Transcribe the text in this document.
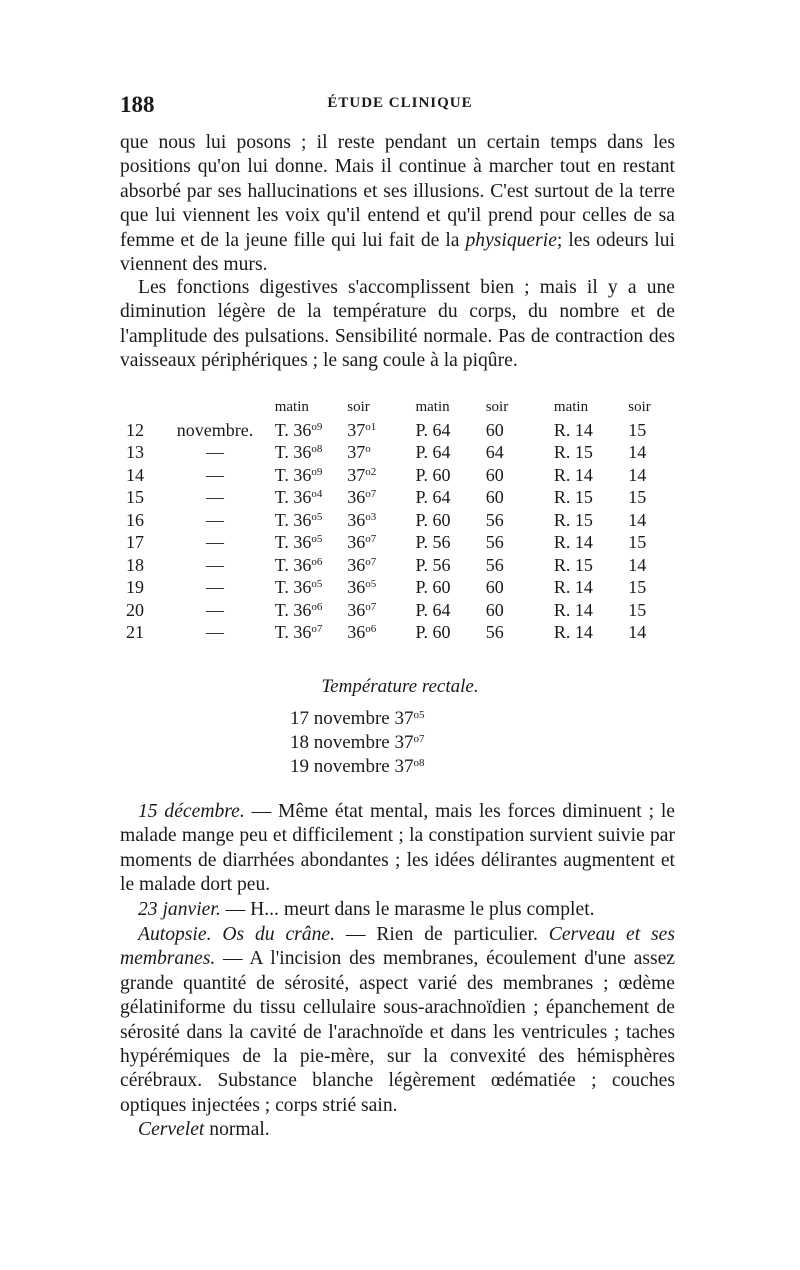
188	ÉTUDE CLINIQUE

que nous lui posons ; il reste pendant un certain temps dans les positions qu'on lui donne. Mais il continue à marcher tout en restant absorbé par ses hallucinations et ses illusions. C'est surtout de la terre que lui viennent les voix qu'il entend et qu'il prend pour celles de sa femme et de la jeune fille qui lui fait de la physiquerie; les odeurs lui viennent des murs.

Les fonctions digestives s'accomplissent bien ; mais il y a une diminution légère de la température du corps, du nombre et de l'amplitude des pulsations. Sensibilité normale. Pas de contraction des vaisseaux périphériques ; le sang coule à la piqûre.

		matin	soir	matin	soir	matin	soir
12	novembre.	T. $36^{o9}$	$37^{o1}$	P. 64	60	R. 14	15
13	—	T. $36^{o8}$	37$^o$	P. 64	64	R. 15	14
14	—	T. $36^{o9}$	$37^{o2}$	P. 60	60	R. 14	14
15	—	T. $36^{o4}$	$36^{o7}$	P. 64	60	R. 15	15
16	—	T. $36^{o5}$	$36^{o3}$	P. 60	56	R. 15	14
17	—	T. $36^{o5}$	$36^{o7}$	P. 56	56	R. 14	15
18	—	T. $36^{o6}$	$36^{o7}$	P. 56	56	R. 15	14
19	—	T. $36^{o5}$	$36^{o5}$	P. 60	60	R. 14	15
20	—	T. $36^{o6}$	$36^{o7}$	P. 64	60	R. 14	15
21	—	T. $36^{o7}$	$36^{o6}$	P. 60	56	R. 14	14
Température rectale.
17 novembre $37^{o5}$
18 novembre $37^{o7}$
19 novembre $37^{o8}$

15 décembre. — Même état mental, mais les forces diminuent ; le malade mange peu et difficilement ; la constipation survient suivie par moments de diarrhées abondantes ; les idées délirantes augmentent et le malade dort peu.

23 janvier. — H... meurt dans le marasme le plus complet.

Autopsie. Os du crâne. — Rien de particulier. Cerveau et ses membranes. — A l'incision des membranes, écoulement d'une assez grande quantité de sérosité, aspect varié des membranes ; œdème gélatiniforme du tissu cellulaire sous-arachnoïdien ; épanchement de sérosité dans la cavité de l'arachnoïde et dans les ventricules ; taches hypérémiques de la pie-mère, sur la convexité des hémisphères cérébraux. Substance blanche légèrement œdématiée ; couches optiques injectées ; corps strié sain.
Cervelet normal.
